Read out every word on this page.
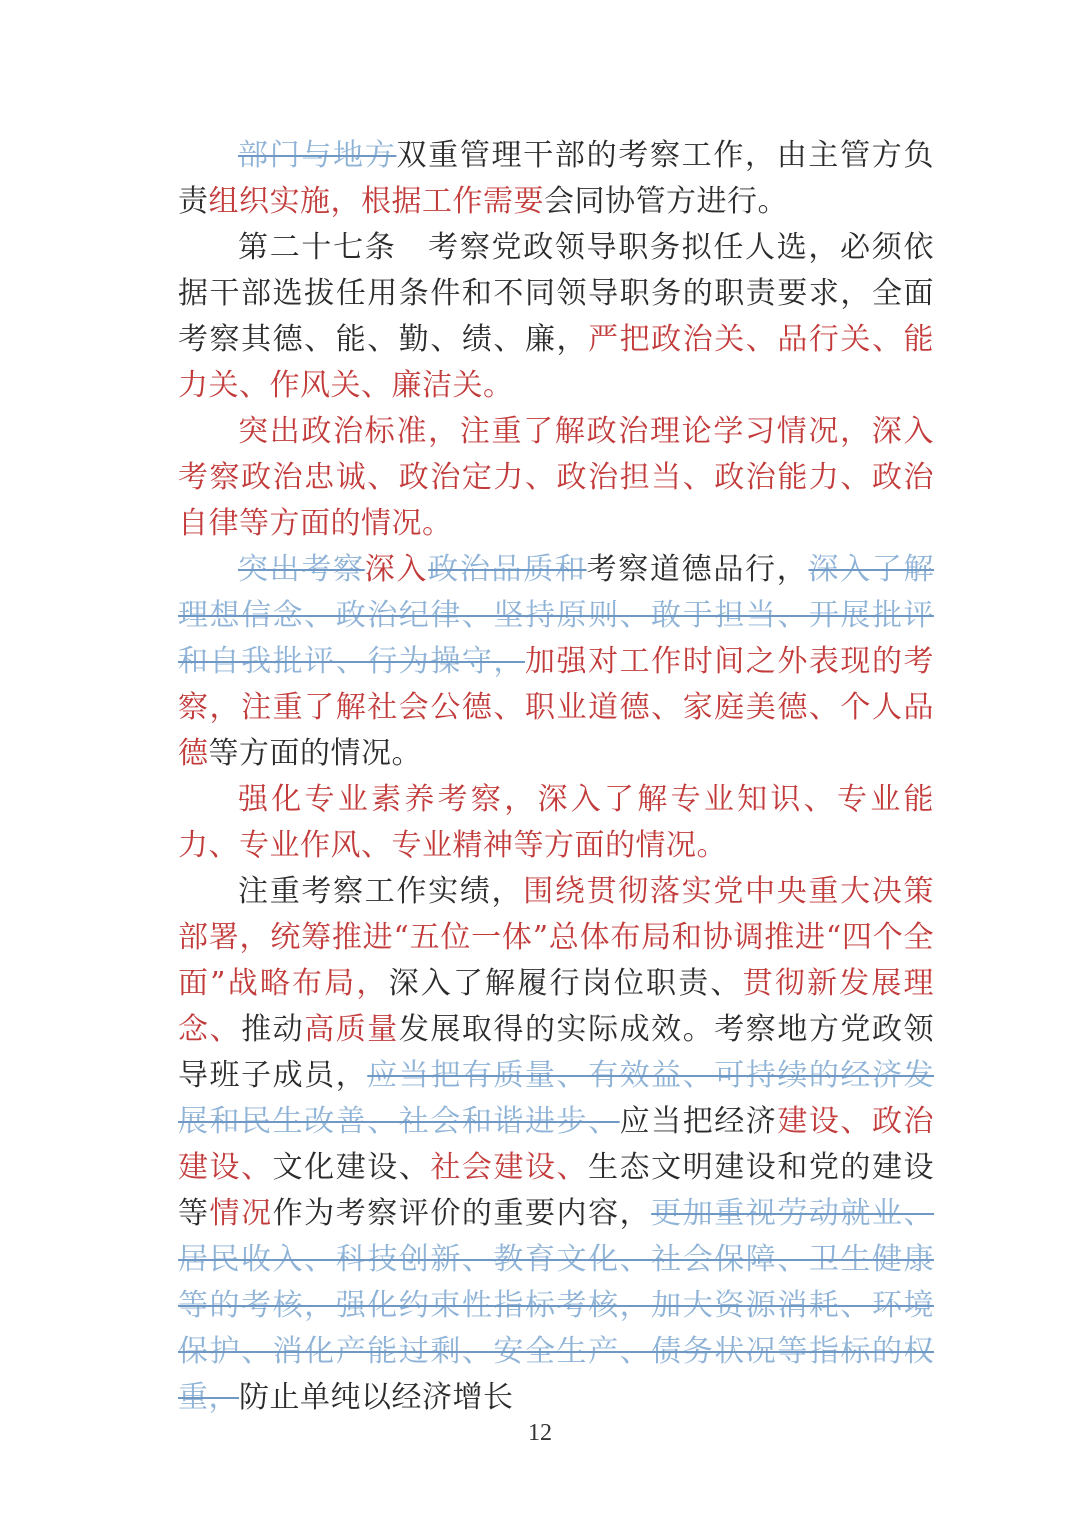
部门与地方双重管理干部的考察工作，由主管方负责组织实施，根据工作需要会同协管方进行。

第二十七条　考察党政领导职务拟任人选，必须依据干部选拔任用条件和不同领导职务的职责要求，全面考察其德、能、勤、绩、廉，严把政治关、品行关、能力关、作风关、廉洁关。

突出政治标准，注重了解政治理论学习情况，深入考察政治忠诚、政治定力、政治担当、政治能力、政治自律等方面的情况。

突出考察深入政治品质和考察道德品行，深入了解理想信念、政治纪律、坚持原则、敢于担当、开展批评和自我批评、行为操守，加强对工作时间之外表现的考察，注重了解社会公德、职业道德、家庭美德、个人品德等方面的情况。

强化专业素养考察，深入了解专业知识、专业能力、专业作风、专业精神等方面的情况。

注重考察工作实绩，围绕贯彻落实党中央重大决策部署，统筹推进“五位一体”总体布局和协调推进“四个全面”战略布局，深入了解履行岗位职责、贯彻新发展理念、推动高质量发展取得的实际成效。考察地方党政领导班子成员，应当把有质量、有效益、可持续的经济发展和民生改善、社会和谐进步、应当把经济建设、政治建设、文化建设、社会建设、生态文明建设和党的建设等情况作为考察评价的重要内容，更加重视劳动就业、居民收入、科技创新、教育文化、社会保障、卫生健康等的考核，强化约束性指标考核，加大资源消耗、环境保护、消化产能过剩、安全生产、债务状况等指标的权重，防止单纯以经济增长

12
